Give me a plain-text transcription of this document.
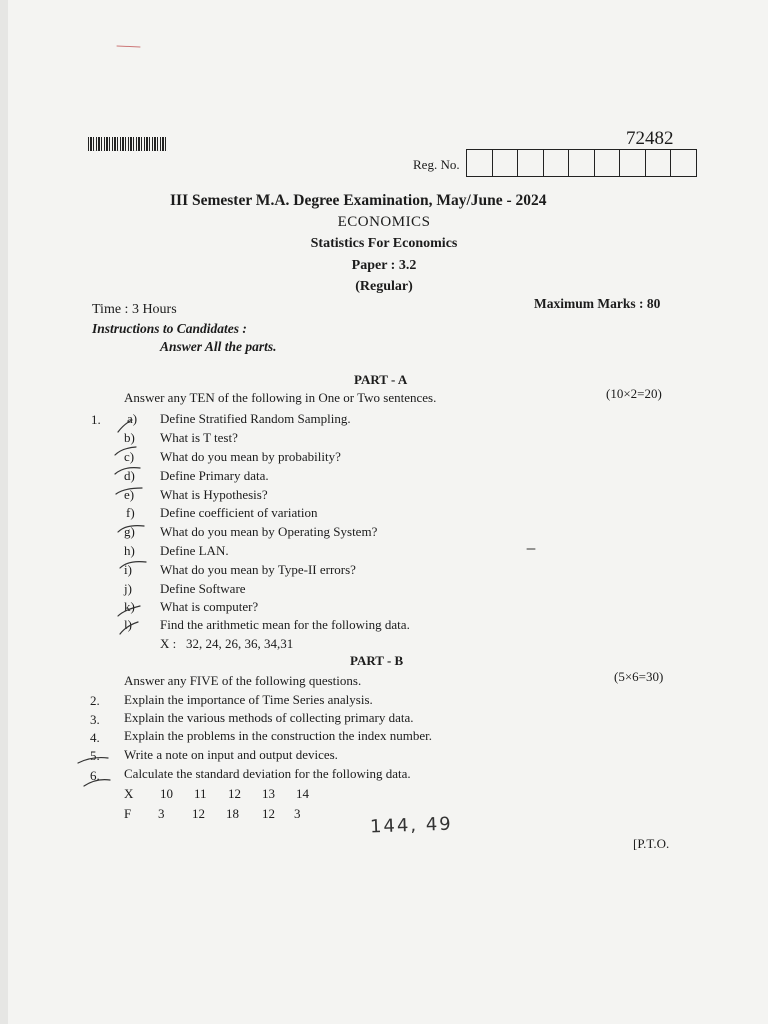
72482
Reg. No.
III Semester M.A. Degree Examination, May/June - 2024
ECONOMICS
Statistics For Economics
Paper : 3.2
(Regular)
Time : 3 Hours	Maximum Marks : 80
Instructions to Candidates :
Answer All the parts.
PART - A
Answer any TEN of the following in One or Two sentences.	(10×2=20)
1. a) Define Stratified Random Sampling.
b) What is T test?
c) What do you mean by probability?
d) Define Primary data.
e) What is Hypothesis?
f) Define coefficient of variation
g) What do you mean by Operating System?
h) Define LAN.
i) What do you mean by Type-II errors?
j) Define Software
k) What is computer?
l) Find the arithmetic mean for the following data.
X :   32, 24, 26, 36, 34,31
PART - B
Answer any FIVE of the following questions.	(5×6=30)
2. Explain the importance of Time Series analysis.
3. Explain the various methods of collecting primary data.
4. Explain the problems in the construction the index number.
5. Write a note on input and output devices.
6. Calculate the standard deviation for the following data.
X 10 11 12 13 14
F 3 12 18 12 3
144, 49
[P.T.O.
